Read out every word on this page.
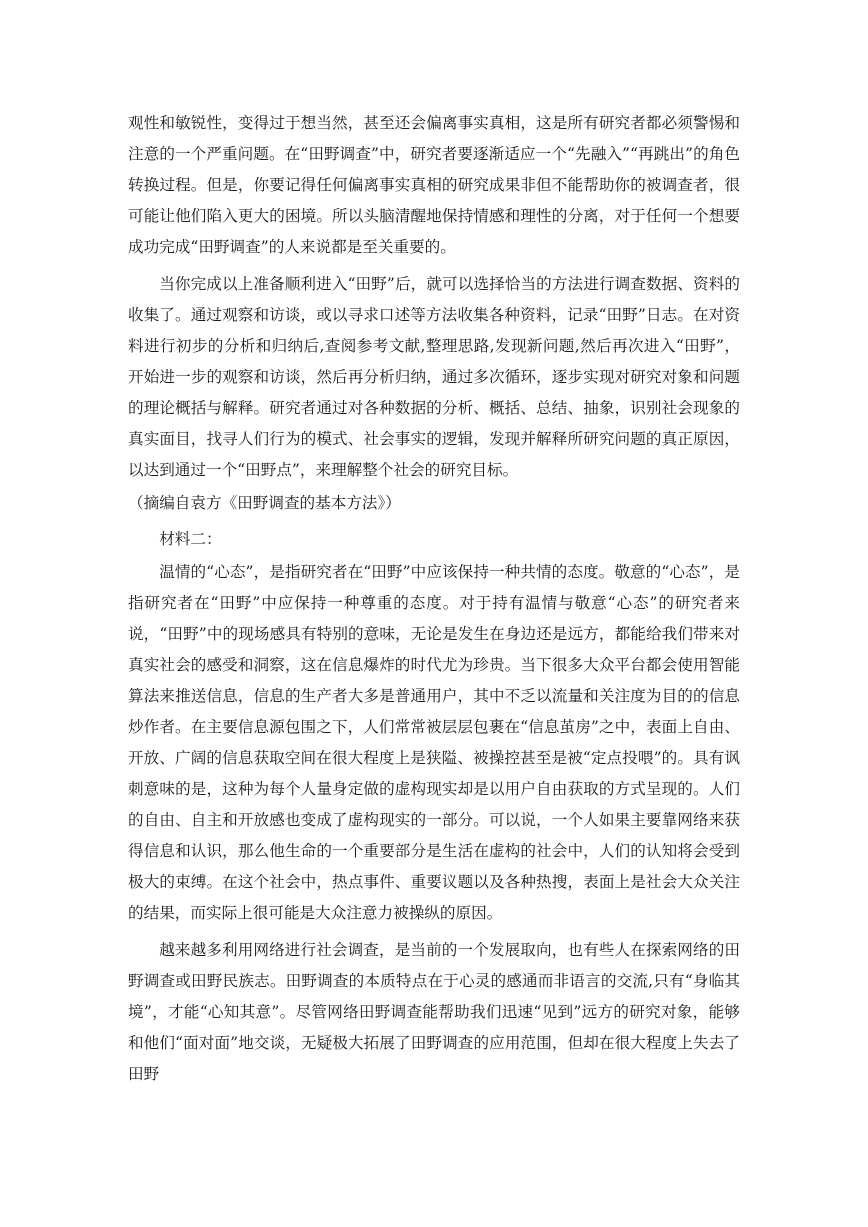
观性和敏锐性，变得过于想当然，甚至还会偏离事实真相，这是所有研究者都必须警惕和注意的一个严重问题。在“田野调查”中，研究者要逐渐适应一个“先融入”“再跳出”的角色转换过程。但是，你要记得任何偏离事实真相的研究成果非但不能帮助你的被调查者，很可能让他们陷入更大的困境。所以头脑清醒地保持情感和理性的分离，对于任何一个想要成功完成“田野调查”的人来说都是至关重要的。

当你完成以上准备顺利进入“田野”后，就可以选择恰当的方法进行调查数据、资料的收集了。通过观察和访谈，或以寻求口述等方法收集各种资料，记录“田野”日志。在对资料进行初步的分析和归纳后,查阅参考文献,整理思路,发现新问题,然后再次进入“田野”，开始进一步的观察和访谈，然后再分析归纳，通过多次循环，逐步实现对研究对象和问题的理论概括与解释。研究者通过对各种数据的分析、概括、总结、抽象，识别社会现象的真实面目，找寻人们行为的模式、社会事实的逻辑，发现并解释所研究问题的真正原因，以达到通过一个“田野点”，来理解整个社会的研究目标。

（摘编自袁方《田野调查的基本方法》）

材料二：

温情的“心态”，是指研究者在“田野”中应该保持一种共情的态度。敬意的“心态”，是指研究者在“田野”中应保持一种尊重的态度。对于持有温情与敬意“心态”的研究者来说，“田野”中的现场感具有特别的意味，无论是发生在身边还是远方，都能给我们带来对真实社会的感受和洞察，这在信息爆炸的时代尤为珍贵。当下很多大众平台都会使用智能算法来推送信息，信息的生产者大多是普通用户，其中不乏以流量和关注度为目的的信息炒作者。在主要信息源包围之下，人们常常被层层包裹在“信息茧房”之中，表面上自由、开放、广阔的信息获取空间在很大程度上是狭隘、被操控甚至是被“定点投喂”的。具有讽刺意味的是，这种为每个人量身定做的虚构现实却是以用户自由获取的方式呈现的。人们的自由、自主和开放感也变成了虚构现实的一部分。可以说，一个人如果主要靠网络来获得信息和认识，那么他生命的一个重要部分是生活在虚构的社会中，人们的认知将会受到极大的束缚。在这个社会中，热点事件、重要议题以及各种热搜，表面上是社会大众关注的结果，而实际上很可能是大众注意力被操纵的原因。

越来越多利用网络进行社会调查，是当前的一个发展取向，也有些人在探索网络的田野调查或田野民族志。田野调查的本质特点在于心灵的感通而非语言的交流,只有“身临其境”，才能“心知其意”。尽管网络田野调查能帮助我们迅速“见到”远方的研究对象，能够和他们“面对面”地交谈，无疑极大拓展了田野调查的应用范围，但却在很大程度上失去了田野
